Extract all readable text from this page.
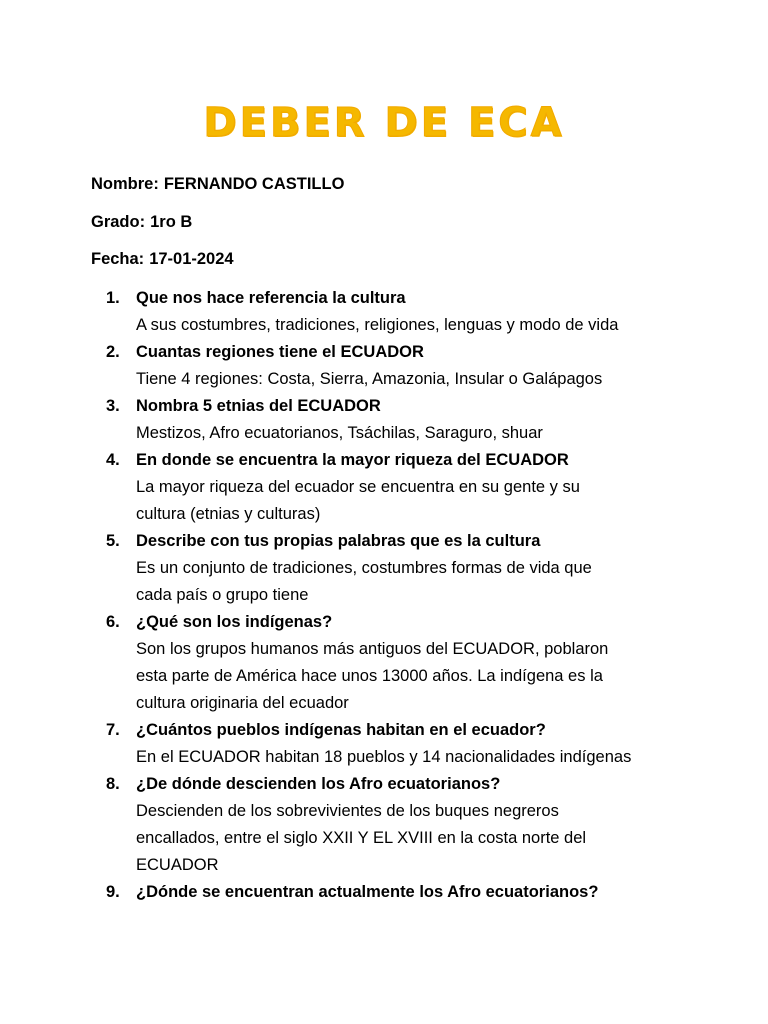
DEBER DE ECA
Nombre: FERNANDO CASTILLO
Grado: 1ro B
Fecha: 17-01-2024
1. Que nos hace referencia la cultura
A sus costumbres, tradiciones, religiones, lenguas y modo de vida
2. Cuantas regiones tiene el ECUADOR
Tiene 4 regiones: Costa, Sierra, Amazonia, Insular o Galápagos
3. Nombra 5 etnias del ECUADOR
Mestizos, Afro ecuatorianos, Tsáchilas, Saraguro, shuar
4. En donde se encuentra la mayor riqueza del ECUADOR
La mayor riqueza del ecuador se encuentra en su gente y su
cultura (etnias y culturas)
5. Describe con tus propias palabras que es la cultura
Es un conjunto de tradiciones, costumbres formas de vida que
cada país o grupo tiene
6. ¿Qué son los indígenas?
Son los grupos humanos más antiguos del ECUADOR, poblaron
esta parte de América hace unos 13000 años. La indígena es la
cultura originaria del ecuador
7. ¿Cuántos pueblos indígenas habitan en el ecuador?
En el ECUADOR habitan 18 pueblos y 14 nacionalidades indígenas
8. ¿De dónde descienden los Afro ecuatorianos?
Descienden de los sobrevivientes de los buques negreros
encallados, entre el siglo XXII Y EL XVIII en la costa norte del
ECUADOR
9. ¿Dónde se encuentran actualmente los Afro ecuatorianos?
